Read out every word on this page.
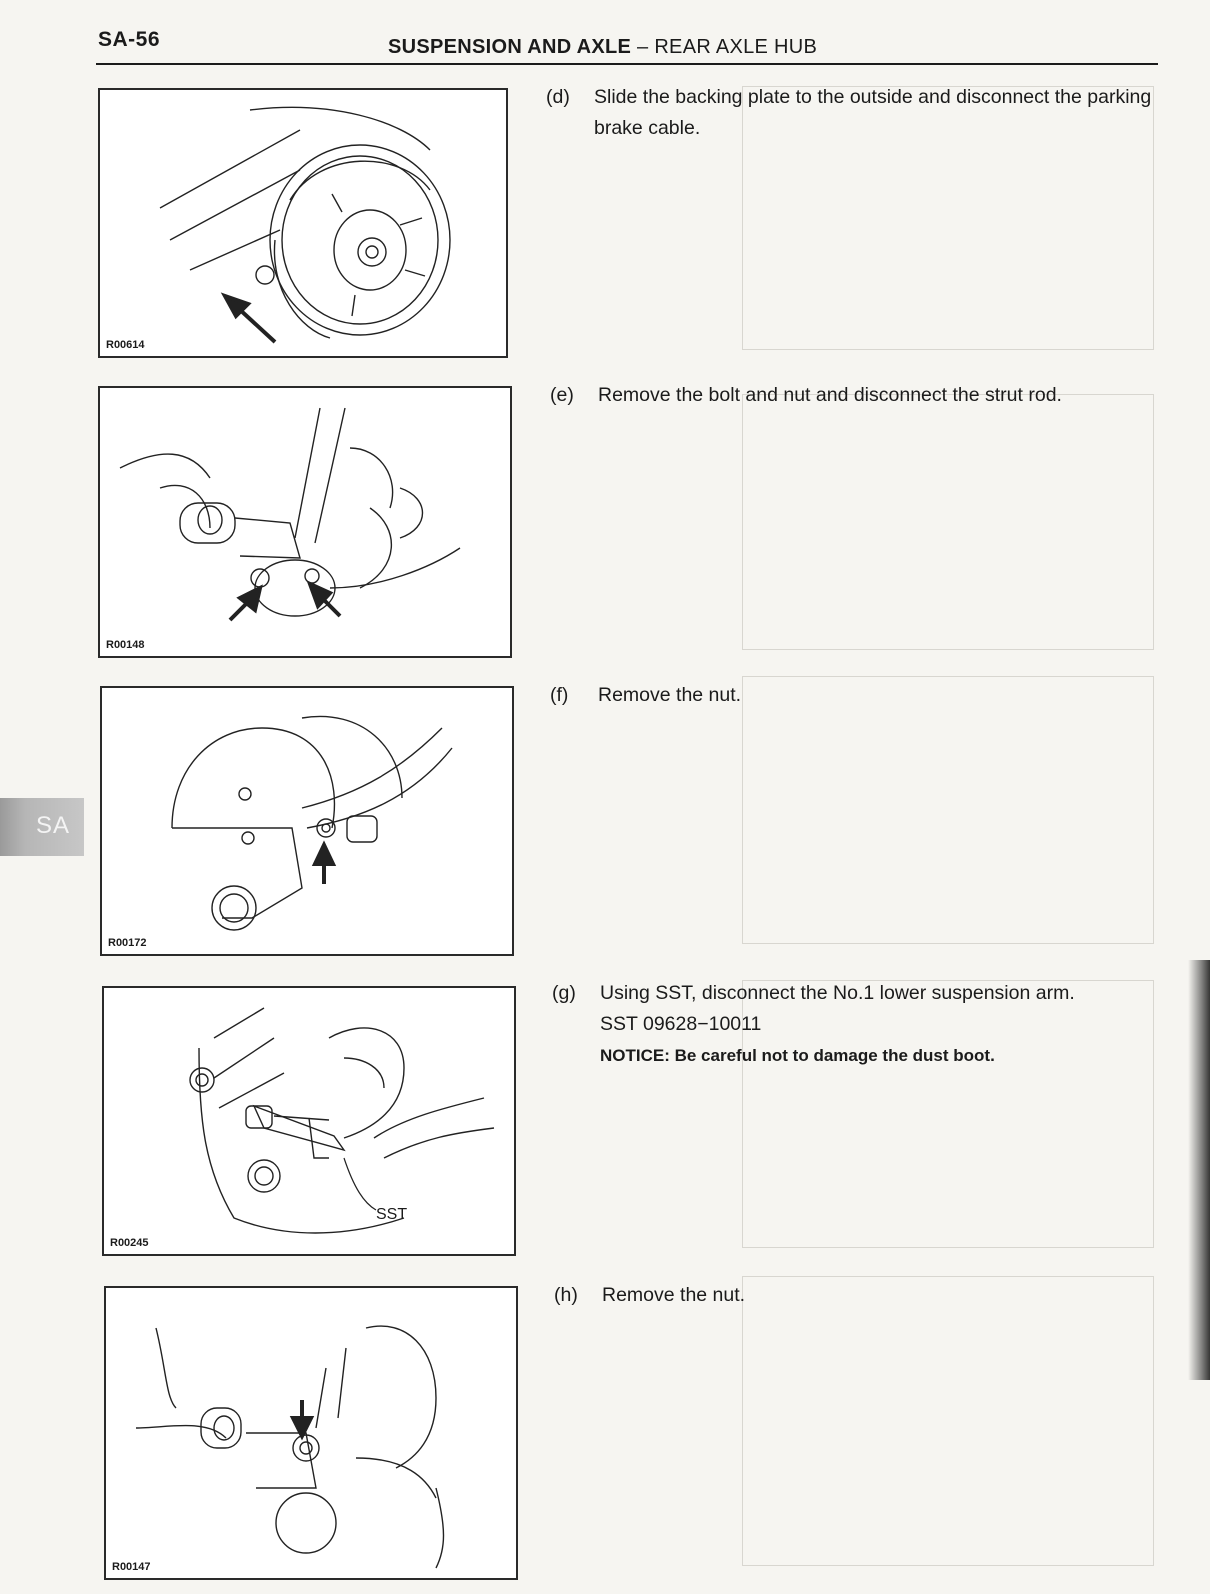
SA-56	SUSPENSION AND AXLE – REAR AXLE HUB
SA
R00614
(d) Slide the backing plate to the outside and disconnect the parking brake cable.
R00148
(e) Remove the bolt and nut and disconnect the strut rod.
R00172
(f) Remove the nut.
SST
R00245
(g) Using SST, disconnect the No.1 lower suspension arm.

SST 09628−10011

NOTICE: Be careful not to damage the dust boot.

R00147
(h) Remove the nut.
